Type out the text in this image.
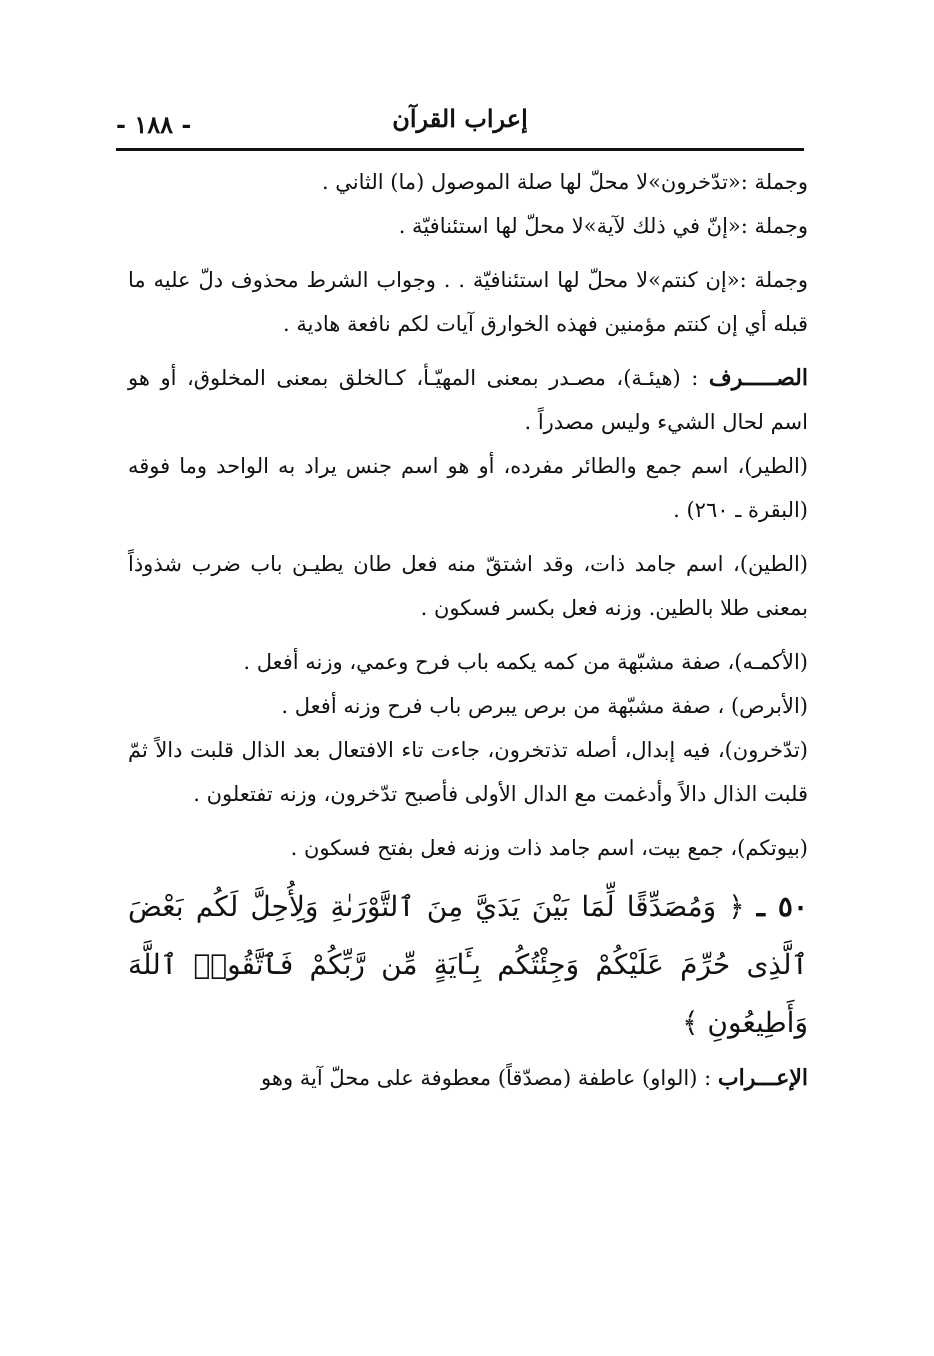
إعراب القرآن
- ١٨٨ -

وجملة :«تدّخرون»لا محلّ لها صلة الموصول (ما) الثاني .

وجملة :«إنّ في ذلك لآية»لا محلّ لها استئنافيّة .

وجملة :«إن كنتم»لا محلّ لها استئنافيّة . . وجواب الشرط محذوف دلّ عليه ما قبله أي إن كنتم مؤمنين فهذه الخوارق آيات لكم نافعة هادية .

الصـــــرف : (هيئـة)، مصـدر بمعنى المهيّـأ، كـالخلق بمعنى المخلوق، أو هو اسم لحال الشيء وليس مصدراً .

(الطير)، اسم جمع والطائر مفرده، أو هو اسم جنس يراد به الواحد وما فوقه (البقرة ـ ٢٦٠) .

(الطين)، اسم جامد ذات، وقد اشتقّ منه فعل طان يطيـن باب ضرب شذوذاً بمعنى طلا بالطين. وزنه فعل بكسر فسكون .

(الأكمـه)، صفة مشبّهة من كمه يكمه باب فرح وعمي، وزنه أفعل .

(الأبرص) ، صفة مشبّهة من برص يبرص باب فرح وزنه أفعل .

(تدّخرون)، فيه إبدال، أصله تذتخرون، جاءت تاء الافتعال بعد الذال قلبت دالاً ثمّ قلبت الذال دالاً وأدغمت مع الدال الأولى فأصبح تدّخرون، وزنه تفتعلون .

(بيوتكم)، جمع بيت، اسم جامد ذات وزنه فعل بفتح فسكون .

٥٠ ـ ﴿ وَمُصَدِّقًا لِّمَا بَيْنَ يَدَيَّ مِنَ ٱلتَّوْرَىٰةِ وَلِأُحِلَّ لَكُم بَعْضَ ٱلَّذِى حُرِّمَ عَلَيْكُمْ وَجِئْتُكُم بِـَٔايَةٍ مِّن رَّبِّكُمْ فَٱتَّقُوا۟ ٱللَّهَ وَأَطِيعُونِ ﴾

الإعـــراب : (الواو) عاطفة (مصدّقاً) معطوفة على محلّ آية وهو
